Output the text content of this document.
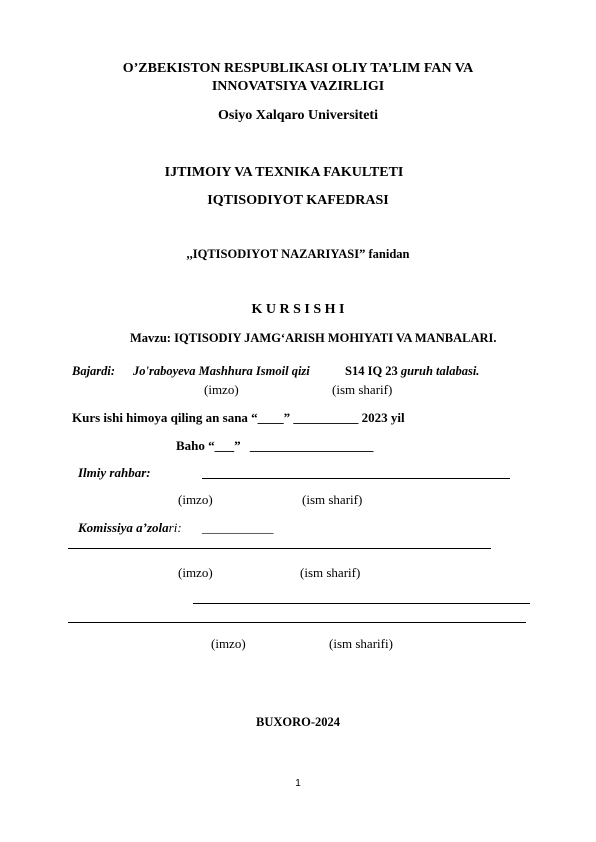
O’ZBEKISTON RESPUBLIKASI OLIY TA’LIM FAN VA
INNOVATSIYA VAZIRLIGI
Osiyo Xalqaro Universiteti
IJTIMOIY VA TEXNIKA FAKULTETI
IQTISODIYOT KAFEDRASI
,,IQTISODIYOT NAZARIYASI” fanidan
K U R S I S H I
Mavzu: IQTISODIY JAMG‘ARISH MOHIYATI VA MANBALARI.
Bajardi: Jo'raboyeva Mashhura Ismoil qizi	S14 IQ 23 guruh talabasi.
(imzo)	(ism sharif)
Kurs ishi himoya qiling an sana “____” __________ 2023 yil
Baho “___” ___________________
Ilmiy rahbar:
(imzo)	(ism sharif)
Komissiya a’zolari: ___________
(imzo)	(ism sharif)
(imzo)	(ism sharifi)
BUXORO-2024
1
